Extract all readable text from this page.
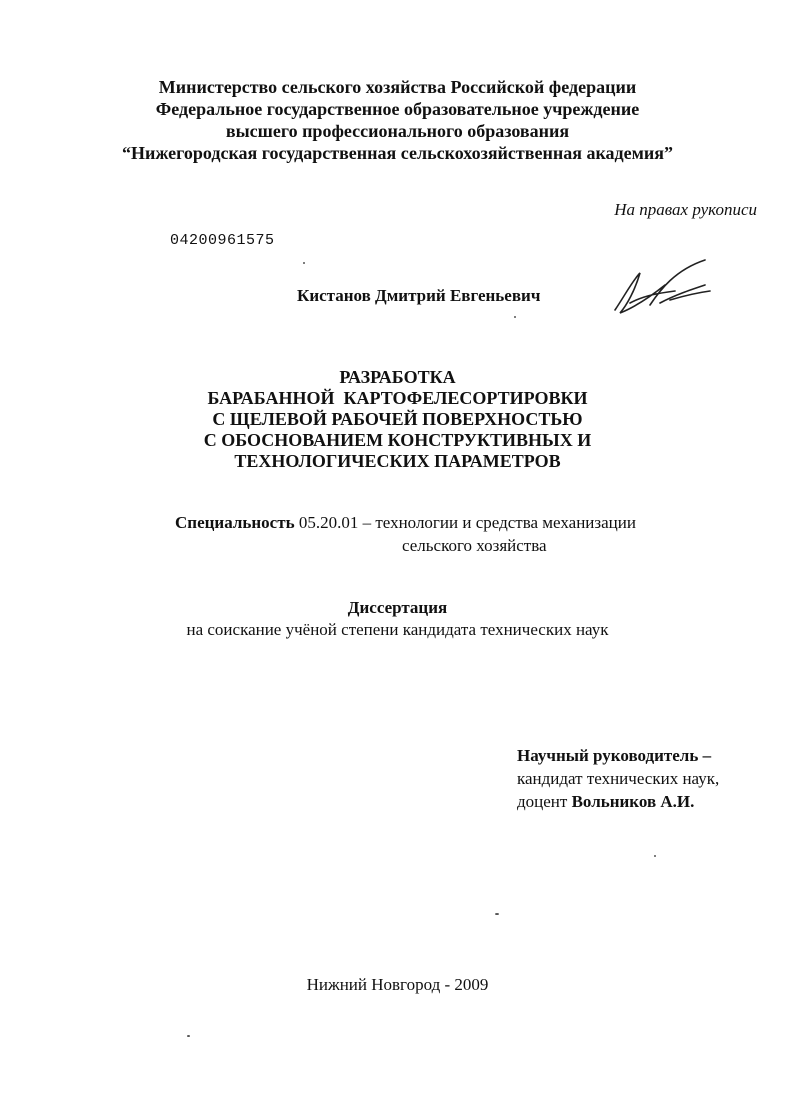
Министерство сельского хозяйства Российской федерации
Федеральное государственное образовательное учреждение
высшего профессионального образования
“Нижегородская государственная сельскохозяйственная академия”
На правах рукописи
04200961575
Кистанов Дмитрий Евгеньевич
РАЗРАБОТКА
БАРАБАННОЙ  КАРТОФЕЛЕСОРТИРОВКИ
С ЩЕЛЕВОЙ РАБОЧЕЙ ПОВЕРХНОСТЬЮ
С ОБОСНОВАНИЕМ КОНСТРУКТИВНЫХ И
ТЕХНОЛОГИЧЕСКИХ ПАРАМЕТРОВ
Специальность 05.20.01 – технологии и средства механизации
сельского хозяйства
Диссертация
на соискание учёной степени кандидата технических наук
Научный руководитель –
кандидат технических наук,
доцент Вольников А.И.
Нижний Новгород - 2009
